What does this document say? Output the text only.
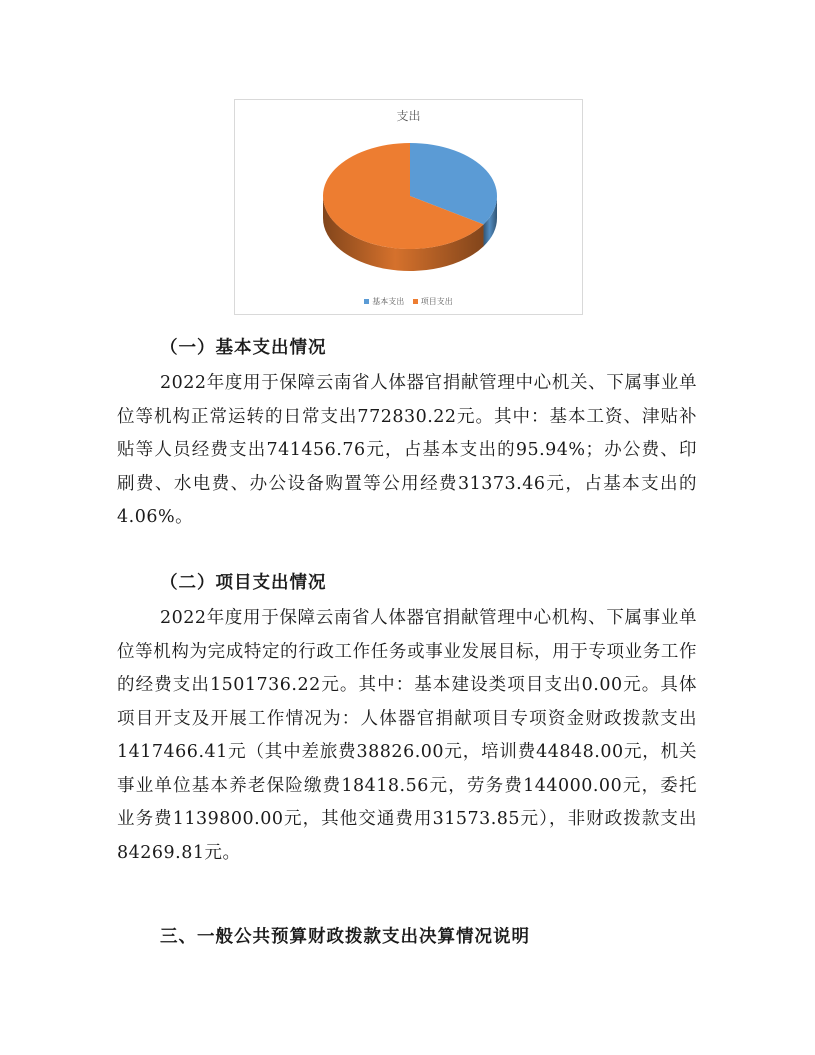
支出
基本支出 项目支出
（一）基本支出情况

2022年度用于保障云南省人体器官捐献管理中心机关、下属事业单位等机构正常运转的日常支出772830.22元。其中：基本工资、津贴补贴等人员经费支出741456.76元，占基本支出的95.94%；办公费、印刷费、水电费、办公设备购置等公用经费31373.46元，占基本支出的4.06%。

（二）项目支出情况

2022年度用于保障云南省人体器官捐献管理中心机构、下属事业单位等机构为完成特定的行政工作任务或事业发展目标，用于专项业务工作的经费支出1501736.22元。其中：基本建设类项目支出0.00元。具体项目开支及开展工作情况为：人体器官捐献项目专项资金财政拨款支出1417466.41元（其中差旅费38826.00元，培训费44848.00元，机关事业单位基本养老保险缴费18418.56元，劳务费144000.00元，委托业务费1139800.00元，其他交通费用31573.85元），非财政拨款支出84269.81元。

三、一般公共预算财政拨款支出决算情况说明
